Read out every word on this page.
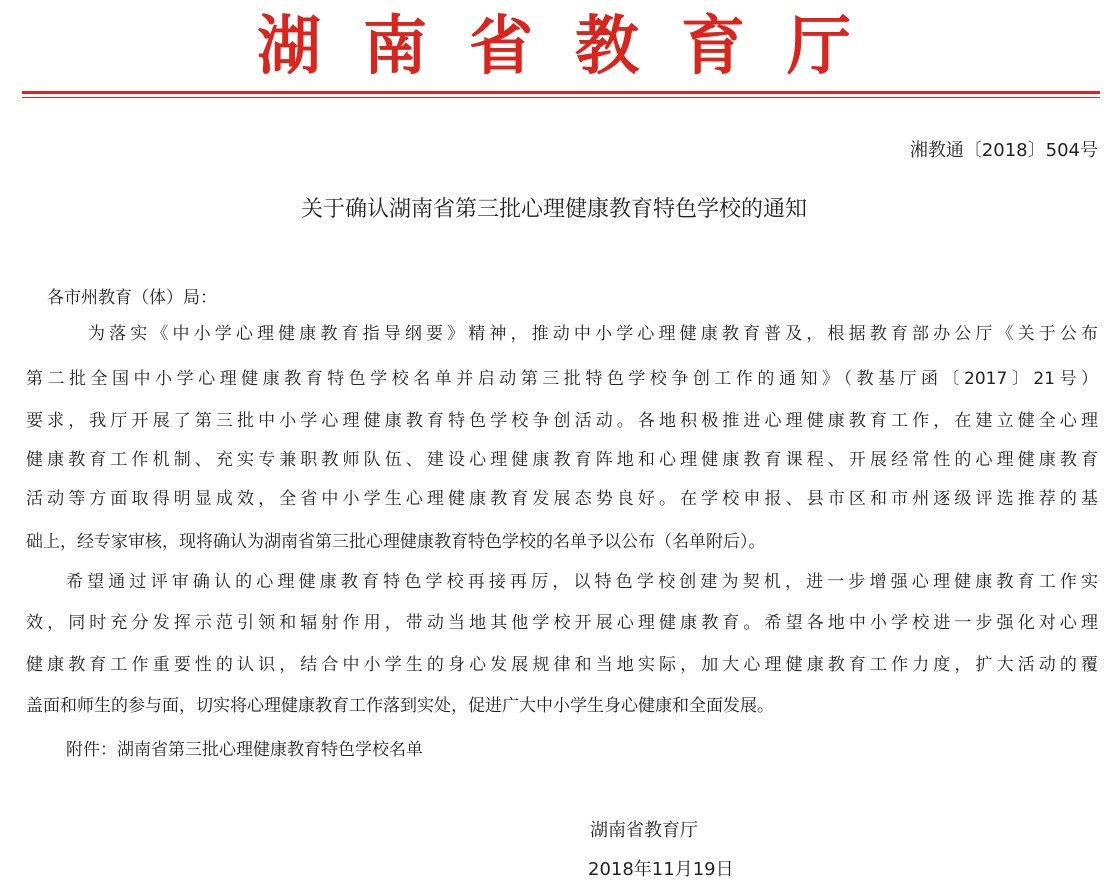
湖南省教育厅
湘教通〔2018〕504号
关于确认湖南省第三批心理健康教育特色学校的通知
各市州教育（体）局：
为落实《中小学心理健康教育指导纲要》精神，推动中小学心理健康教育普及，根据教育部办公厅《关于公布
第二批全国中小学心理健康教育特色学校名单并启动第三批特色学校争创工作的通知》（教基厅函〔2017〕21号）
要求，我厅开展了第三批中小学心理健康教育特色学校争创活动。各地积极推进心理健康教育工作，在建立健全心理
健康教育工作机制、充实专兼职教师队伍、建设心理健康教育阵地和心理健康教育课程、开展经常性的心理健康教育
活动等方面取得明显成效，全省中小学生心理健康教育发展态势良好。在学校申报、县市区和市州逐级评选推荐的基
础上，经专家审核，现将确认为湖南省第三批心理健康教育特色学校的名单予以公布（名单附后）。
希望通过评审确认的心理健康教育特色学校再接再厉，以特色学校创建为契机，进一步增强心理健康教育工作实
效，同时充分发挥示范引领和辐射作用，带动当地其他学校开展心理健康教育。希望各地中小学校进一步强化对心理
健康教育工作重要性的认识，结合中小学生的身心发展规律和当地实际，加大心理健康教育工作力度，扩大活动的覆
盖面和师生的参与面，切实将心理健康教育工作落到实处，促进广大中小学生身心健康和全面发展。
附件：湖南省第三批心理健康教育特色学校名单
湖南省教育厅
2018年11月19日
